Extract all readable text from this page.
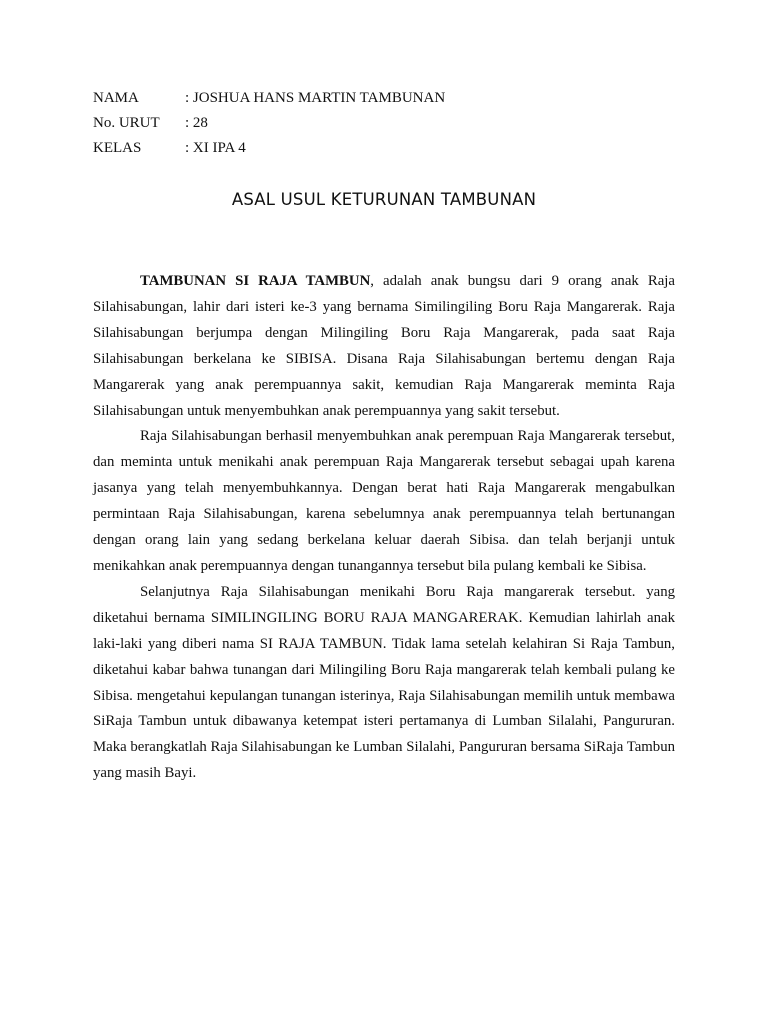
NAMA	: JOSHUA HANS MARTIN TAMBUNAN
No. URUT	: 28
KELAS	: XI IPA 4
ASAL USUL KETURUNAN TAMBUNAN

TAMBUNAN SI RAJA TAMBUN, adalah anak bungsu dari 9 orang anak Raja Silahisabungan, lahir dari isteri ke-3 yang bernama Similingiling Boru Raja Mangarerak. Raja Silahisabungan berjumpa dengan Milingiling Boru Raja Mangarerak, pada saat Raja Silahisabungan berkelana ke SIBISA. Disana Raja Silahisabungan bertemu dengan Raja Mangarerak yang anak perempuannya sakit, kemudian Raja Mangarerak meminta Raja Silahisabungan untuk menyembuhkan anak perempuannya yang sakit tersebut.

Raja Silahisabungan berhasil menyembuhkan anak perempuan Raja Mangarerak tersebut, dan meminta untuk menikahi anak perempuan Raja Mangarerak tersebut sebagai upah karena jasanya yang telah menyembuhkannya. Dengan berat hati Raja Mangarerak mengabulkan permintaan Raja Silahisabungan, karena sebelumnya anak perempuannya telah bertunangan dengan orang lain yang sedang berkelana keluar daerah Sibisa. dan telah berjanji untuk menikahkan anak perempuannya dengan tunangannya tersebut bila pulang kembali ke Sibisa.

Selanjutnya Raja Silahisabungan menikahi Boru Raja mangarerak tersebut. yang diketahui bernama SIMILINGILING BORU RAJA MANGARERAK. Kemudian lahirlah anak laki-laki yang diberi nama SI RAJA TAMBUN. Tidak lama setelah kelahiran Si Raja Tambun, diketahui kabar bahwa tunangan dari Milingiling Boru Raja mangarerak telah kembali pulang ke Sibisa. mengetahui kepulangan tunangan isterinya, Raja Silahisabungan memilih untuk membawa SiRaja Tambun untuk dibawanya ketempat isteri pertamanya di Lumban Silalahi, Pangururan. Maka berangkatlah Raja Silahisabungan ke Lumban Silalahi, Pangururan bersama SiRaja Tambun yang masih Bayi.
